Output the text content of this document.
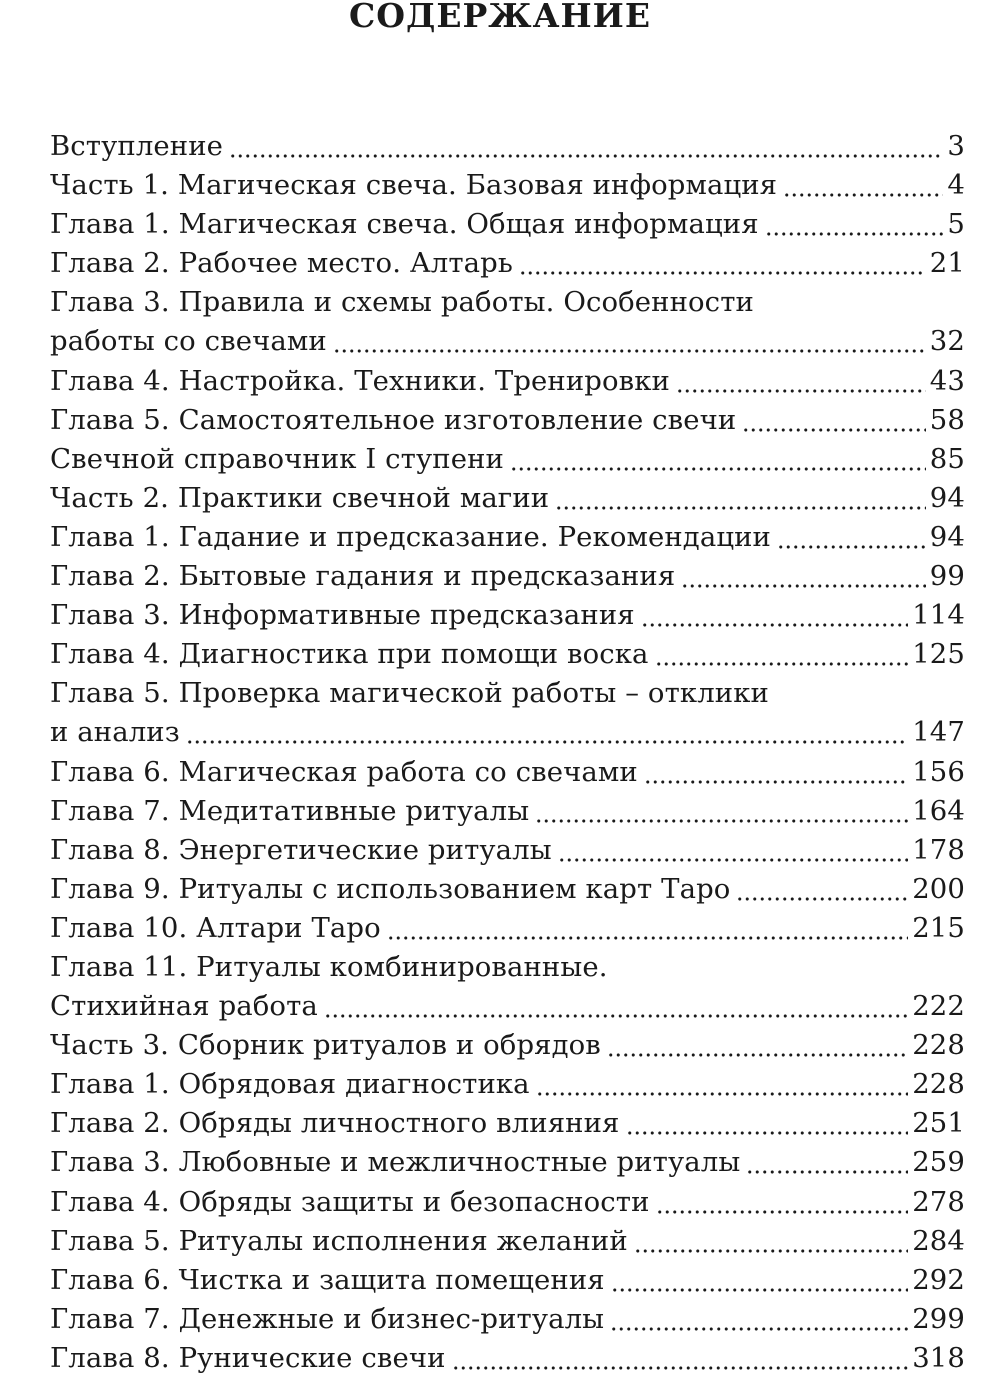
СОДЕРЖАНИЕ
Вступление	3
Часть 1. Магическая свеча. Базовая информация	4
Глава 1. Магическая свеча. Общая информация	5
Глава 2. Рабочее место. Алтарь	21
Глава 3. Правила и схемы работы. Особенности
работы со свечами	32
Глава 4. Настройка. Техники. Тренировки	43
Глава 5. Самостоятельное изготовление свечи	58
Свечной справочник I ступени	85
Часть 2. Практики свечной магии	94
Глава 1. Гадание и предсказание. Рекомендации	94
Глава 2. Бытовые гадания и предсказания	99
Глава 3. Информативные предсказания	114
Глава 4. Диагностика при помощи воска	125
Глава 5. Проверка магической работы – отклики
и анализ	147
Глава 6. Магическая работа со свечами	156
Глава 7. Медитативные ритуалы	164
Глава 8. Энергетические ритуалы	178
Глава 9. Ритуалы с использованием карт Таро	200
Глава 10. Алтари Таро	215
Глава 11. Ритуалы комбинированные.
Стихийная работа	222
Часть 3. Сборник ритуалов и обрядов	228
Глава 1. Обрядовая диагностика	228
Глава 2. Обряды личностного влияния	251
Глава 3. Любовные и межличностные ритуалы	259
Глава 4. Обряды защиты и безопасности	278
Глава 5. Ритуалы исполнения желаний	284
Глава 6. Чистка и защита помещения	292
Глава 7. Денежные и бизнес-ритуалы	299
Глава 8. Рунические свечи	318
